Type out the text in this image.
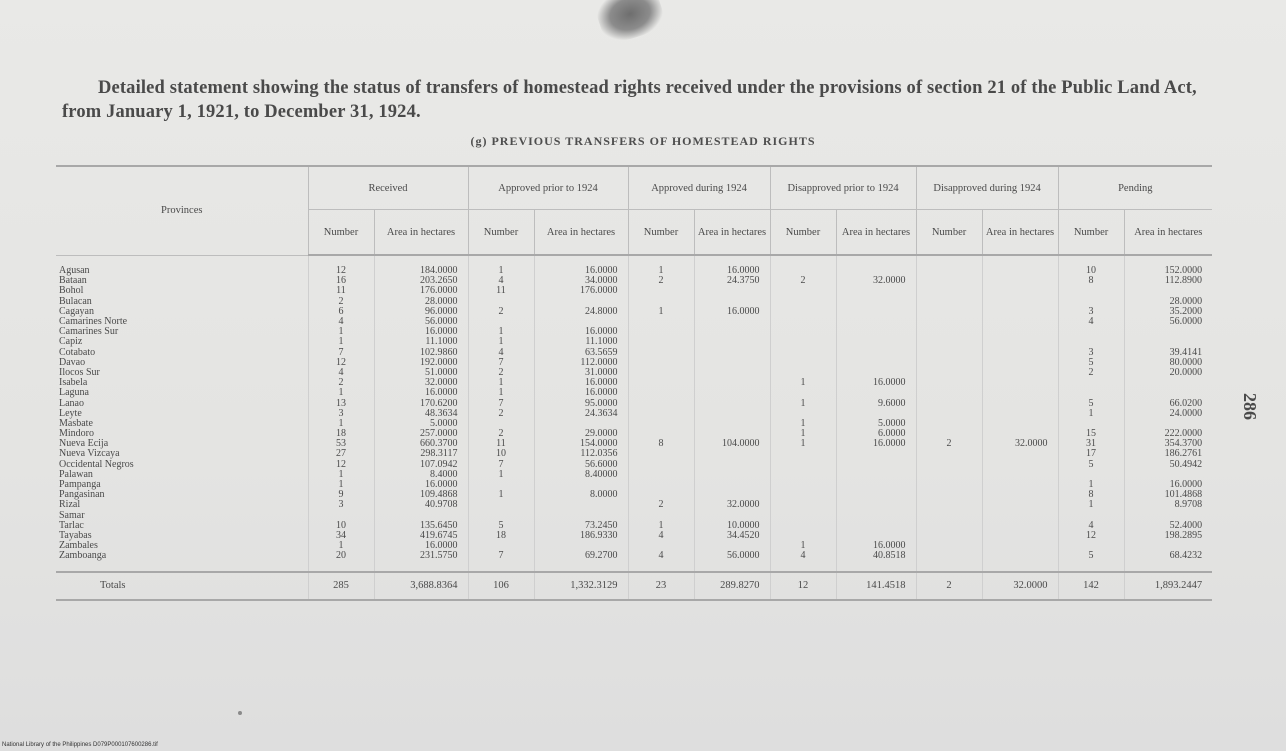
Detailed statement showing the status of transfers of homestead rights received under the provisions of section 21 of the Public Land Act, from January 1, 1921, to December 31, 1924.
(g) PREVIOUS TRANSFERS OF HOMESTEAD RIGHTS
Provinces	Received		Approved prior to 1924		Approved during 1924		Disapproved prior to 1924		Disapproved during 1924		Pending	
	Number	Area in hectares	Number	Area in hectares	Number	Area in hectares	Number	Area in hectares	Number	Area in hectares	Number	Area in hectares

Agusan	12	184.0000	1	16.0000	1	16.0000					10	152.0000
Bataan	16	203.2650	4	34.0000	2	24.3750	2	32.0000			8	112.8900
Bohol	11	176.0000	11	176.0000								
Bulacan	2	28.0000										28.0000
Cagayan	6	96.0000	2	24.8000	1	16.0000					3	35.2000
Camarines Norte	4	56.0000									4	56.0000
Camarines Sur	1	16.0000	1	16.0000								
Capiz	1	11.1000	1	11.1000								
Cotabato	7	102.9860	4	63.5659							3	39.4141
Davao	12	192.0000	7	112.0000							5	80.0000
Ilocos Sur	4	51.0000	2	31.0000							2	20.0000
Isabela	2	32.0000	1	16.0000			1	16.0000				
Laguna	1	16.0000	1	16.0000								
Lanao	13	170.6200	7	95.0000			1	9.6000			5	66.0200
Leyte	3	48.3634	2	24.3634							1	24.0000
Masbate	1	5.0000					1	5.0000				
Mindoro	18	257.0000	2	29.0000			1	6.0000			15	222.0000
Nueva Ecija	53	660.3700	11	154.0000	8	104.0000	1	16.0000	2	32.0000	31	354.3700
Nueva Vizcaya	27	298.3117	10	112.0356							17	186.2761
Occidental Negros	12	107.0942	7	56.6000							5	50.4942
Palawan	1	8.4000	1	8.40000								
Pampanga	1	16.0000									1	16.0000
Pangasinan	9	109.4868	1	8.0000							8	101.4868
Rizal	3	40.9708			2	32.0000					1	8.9708
Samar												
Tarlac	10	135.6450	5	73.2450	1	10.0000					4	52.4000
Tayabas	34	419.6745	18	186.9330	4	34.4520					12	198.2895
Zambales	1	16.0000					1	16.0000				
Zamboanga	20	231.5750	7	69.2700	4	56.0000	4	40.8518			5	68.4232

Totals	285	3,688.8364	106	1,332.3129	23	289.8270	12	141.4518	2	32.0000	142	1,893.2447
286
National Library of the Philippines D079P000107600286.tif
